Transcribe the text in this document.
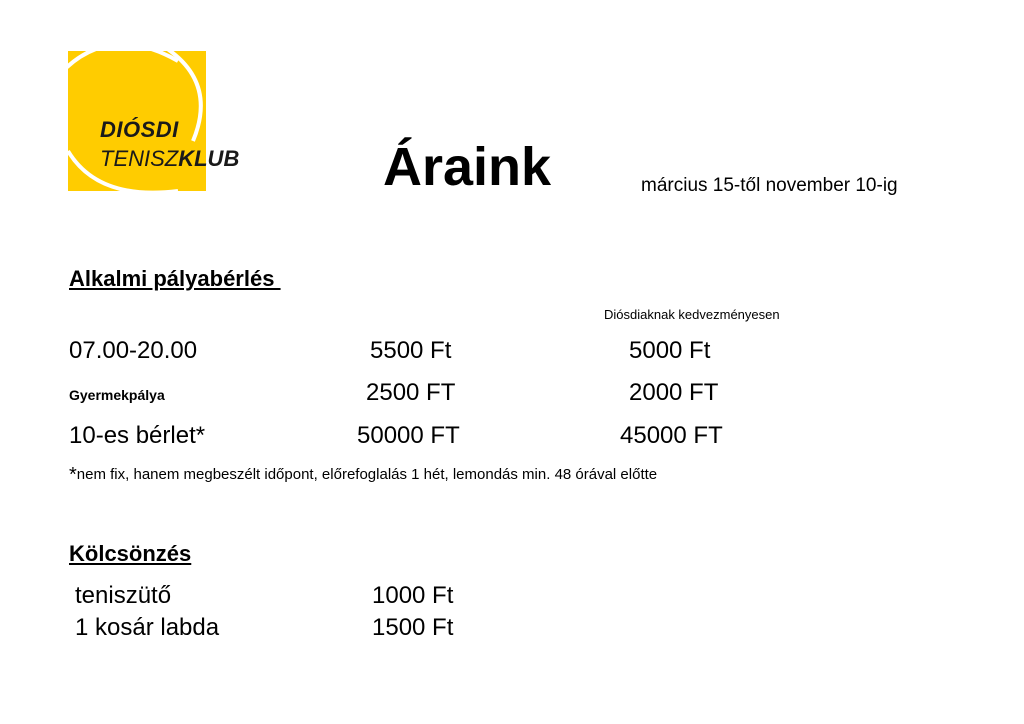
DIÓSDI
TENISZKLUB	Áraink	március 15-től november 10-ig
Alkalmi pályabérlés
Diósdiaknak kedvezményesen
07.00-20.00	5500 Ft	5000 Ft
Gyermekpálya	2500 FT	2000 FT
10-es bérlet*	50000 FT	45000 FT
*nem fix, hanem megbeszélt időpont, előrefoglalás 1 hét, lemondás min. 48 órával előtte
Kölcsönzés
teniszütő	1000 Ft
1 kosár labda	1500 Ft
